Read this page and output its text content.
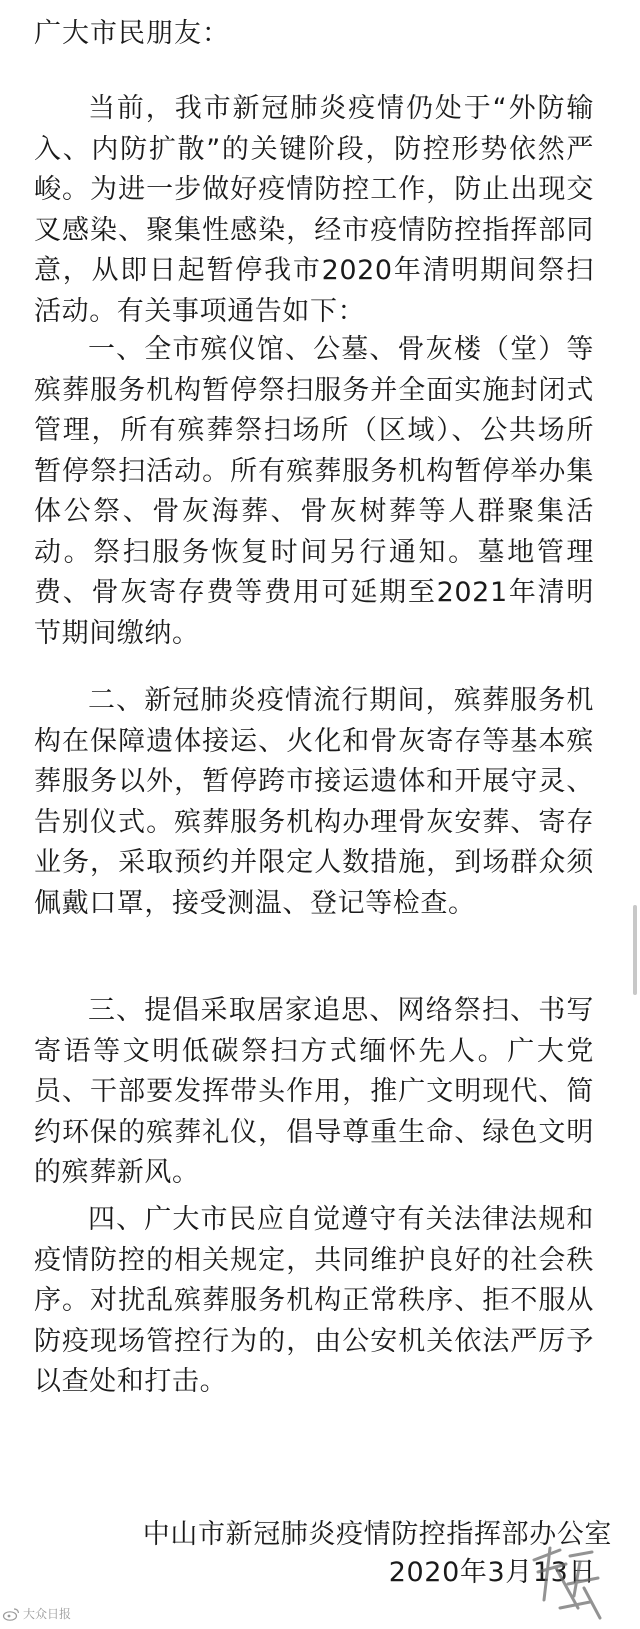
广大市民朋友：

当前，我市新冠肺炎疫情仍处于“外防输入、内防扩散”的关键阶段，防控形势依然严峻。为进一步做好疫情防控工作，防止出现交叉感染、聚集性感染，经市疫情防控指挥部同意，从即日起暂停我市2020年清明期间祭扫活动。有关事项通告如下：

一、全市殡仪馆、公墓、骨灰楼（堂）等殡葬服务机构暂停祭扫服务并全面实施封闭式管理，所有殡葬祭扫场所（区域）、公共场所暂停祭扫活动。所有殡葬服务机构暂停举办集体公祭、骨灰海葬、骨灰树葬等人群聚集活动。祭扫服务恢复时间另行通知。墓地管理费、骨灰寄存费等费用可延期至2021年清明节期间缴纳。

二、新冠肺炎疫情流行期间，殡葬服务机构在保障遗体接运、火化和骨灰寄存等基本殡葬服务以外，暂停跨市接运遗体和开展守灵、告别仪式。殡葬服务机构办理骨灰安葬、寄存业务，采取预约并限定人数措施，到场群众须佩戴口罩，接受测温、登记等检查。

三、提倡采取居家追思、网络祭扫、书写寄语等文明低碳祭扫方式缅怀先人。广大党员、干部要发挥带头作用，推广文明现代、简约环保的殡葬礼仪，倡导尊重生命、绿色文明的殡葬新风。

四、广大市民应自觉遵守有关法律法规和疫情防控的相关规定，共同维护良好的社会秩序。对扰乱殡葬服务机构正常秩序、拒不服从防疫现场管控行为的，由公安机关依法严厉予以查处和打击。

中山市新冠肺炎疫情防控指挥部办公室

2020年3月13日

大众日报
